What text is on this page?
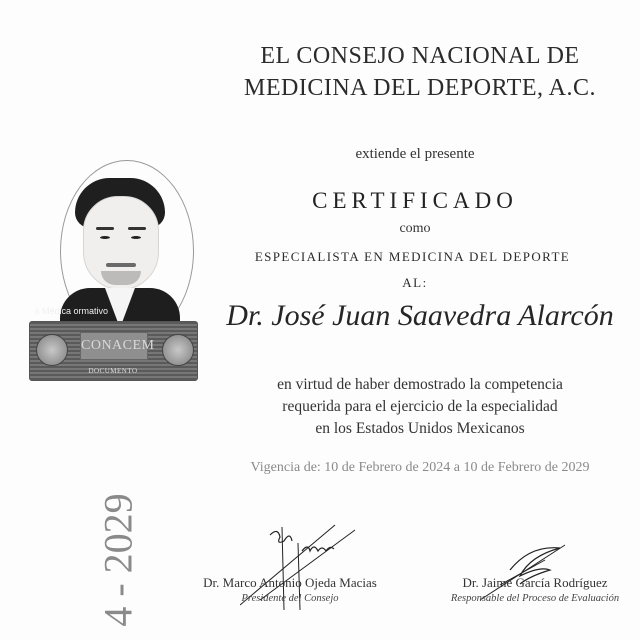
EL CONSEJO NACIONAL DE
MEDICINA DEL DEPORTE, A.C.
extiende el presente
CERTIFICADO
como
ESPECIALISTA EN MEDICINA DEL DEPORTE
AL:
Dr. José Juan Saavedra Alarcón
en virtud de haber demostrado la competencia
requerida para el ejercicio de la especialidad
en los Estados Unidos Mexicanos
Vigencia de: 10 de Febrero de 2024 a 10 de Febrero de 2029
4 - 2029
s Médica ormativo
CONACEM
DOCUMENTO
Dr. Marco Antonio Ojeda Macias
Presidente del Consejo
Dr. Jaime García Rodríguez
Responsable del Proceso de Evaluación
